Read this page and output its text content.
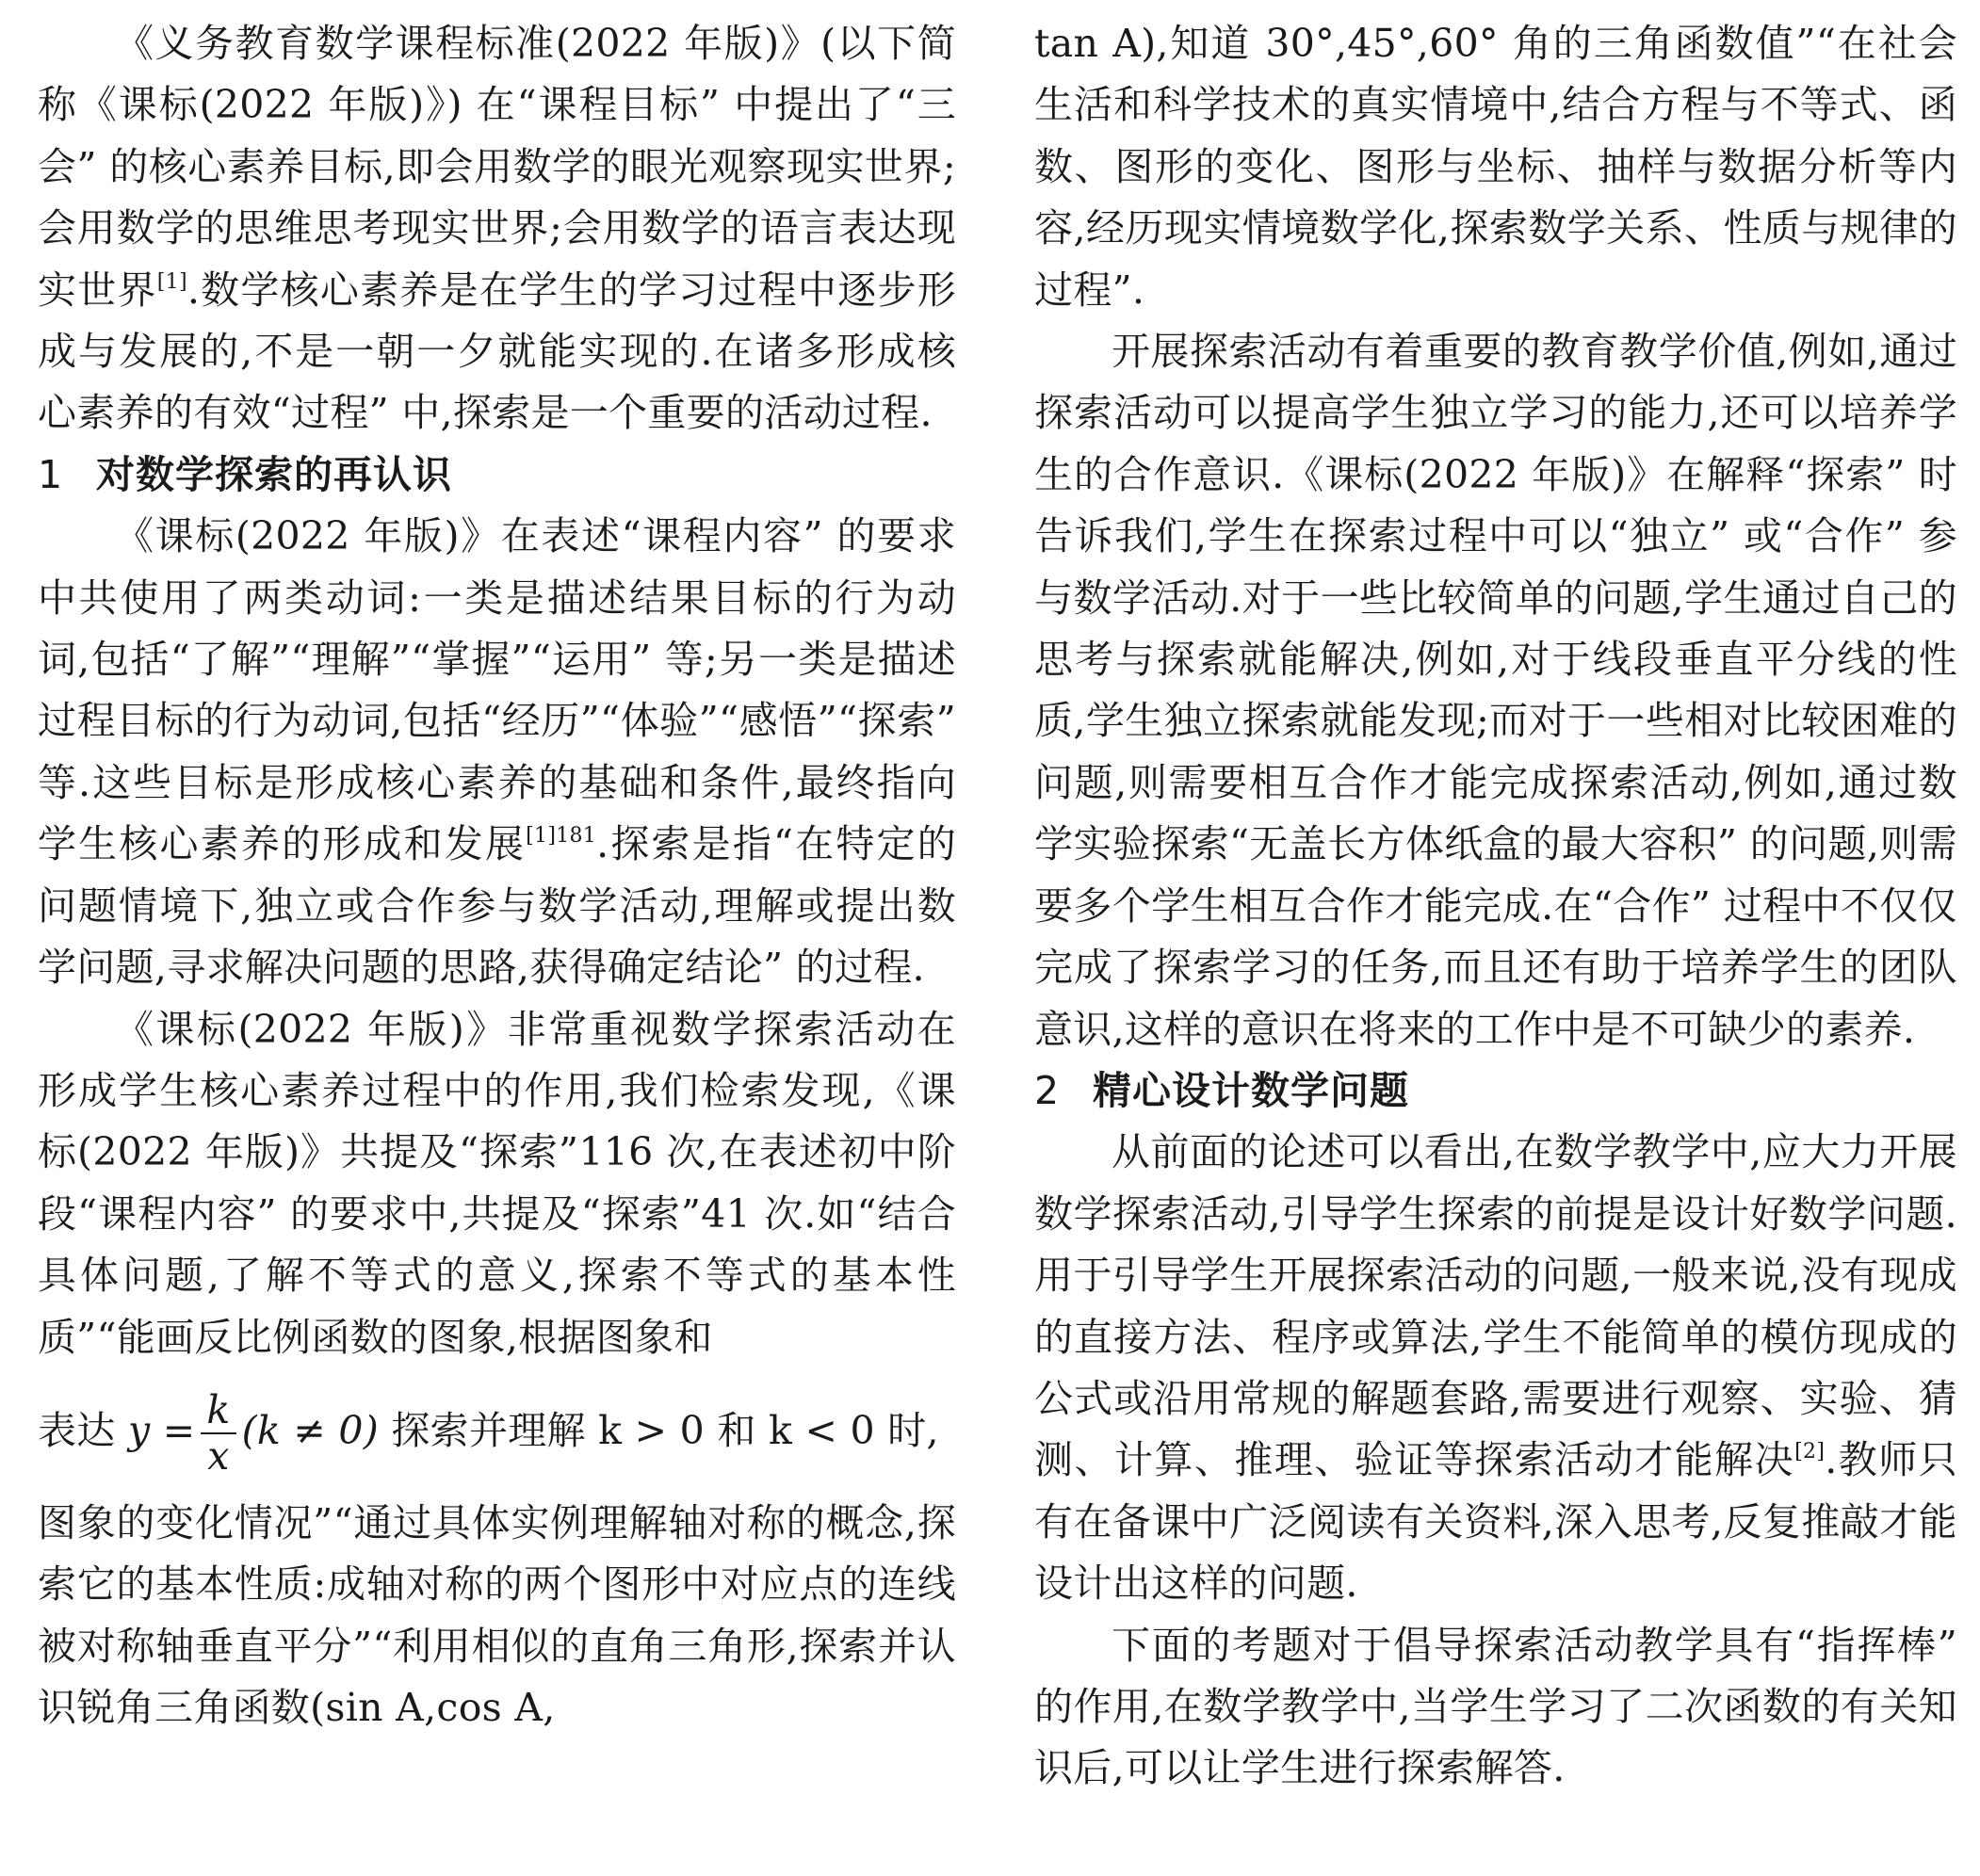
《义务教育数学课程标准(2022 年版)》(以下简称《课标(2022 年版)》) 在“课程目标” 中提出了“三会” 的核心素养目标,即会用数学的眼光观察现实世界;会用数学的思维思考现实世界;会用数学的语言表达现实世界[1].数学核心素养是在学生的学习过程中逐步形成与发展的,不是一朝一夕就能实现的.在诸多形成核心素养的有效“过程” 中,探索是一个重要的活动过程.

1 对数学探索的再认识

《课标(2022 年版)》在表述“课程内容” 的要求中共使用了两类动词:一类是描述结果目标的行为动词,包括“了解”“理解”“掌握”“运用” 等;另一类是描述过程目标的行为动词,包括“经历”“体验”“感悟”“探索” 等.这些目标是形成核心素养的基础和条件,最终指向学生核心素养的形成和发展$^{[1]181}$.探索是指“在特定的问题情境下,独立或合作参与数学活动,理解或提出数学问题,寻求解决问题的思路,获得确定结论” 的过程.

《课标(2022 年版)》非常重视数学探索活动在形成学生核心素养过程中的作用,我们检索发现,《课标(2022 年版)》共提及“探索”116 次,在表述初中阶段“课程内容” 的要求中,共提及“探索”41 次.如“结合具体问题,了解不等式的意义,探索不等式的基本性质”“能画反比例函数的图象,根据图象和

表达 $y = \frac{k}{x} (k \ne 0)$ 探索并理解 k > 0 和 k < 0 时,

图象的变化情况”“通过具体实例理解轴对称的概念,探索它的基本性质:成轴对称的两个图形中对应点的连线被对称轴垂直平分”“利用相似的直角三角形,探索并认识锐角三角函数(sin A,cos A,

tan A),知道 30°,45°,60° 角的三角函数值”“在社会生活和科学技术的真实情境中,结合方程与不等式、函数、图形的变化、图形与坐标、抽样与数据分析等内容,经历现实情境数学化,探索数学关系、性质与规律的过程”.

开展探索活动有着重要的教育教学价值,例如,通过探索活动可以提高学生独立学习的能力,还可以培养学生的合作意识.《课标(2022 年版)》在解释“探索” 时告诉我们,学生在探索过程中可以“独立” 或“合作” 参与数学活动.对于一些比较简单的问题,学生通过自己的思考与探索就能解决,例如,对于线段垂直平分线的性质,学生独立探索就能发现;而对于一些相对比较困难的问题,则需要相互合作才能完成探索活动,例如,通过数学实验探索“无盖长方体纸盒的最大容积” 的问题,则需要多个学生相互合作才能完成.在“合作” 过程中不仅仅完成了探索学习的任务,而且还有助于培养学生的团队意识,这样的意识在将来的工作中是不可缺少的素养.

2 精心设计数学问题

从前面的论述可以看出,在数学教学中,应大力开展数学探索活动,引导学生探索的前提是设计好数学问题.用于引导学生开展探索活动的问题,一般来说,没有现成的直接方法、程序或算法,学生不能简单的模仿现成的公式或沿用常规的解题套路,需要进行观察、实验、猜测、计算、推理、验证等探索活动才能解决[2].教师只有在备课中广泛阅读有关资料,深入思考,反复推敲才能设计出这样的问题.

下面的考题对于倡导探索活动教学具有“指挥棒” 的作用,在数学教学中,当学生学习了二次函数的有关知识后,可以让学生进行探索解答.
